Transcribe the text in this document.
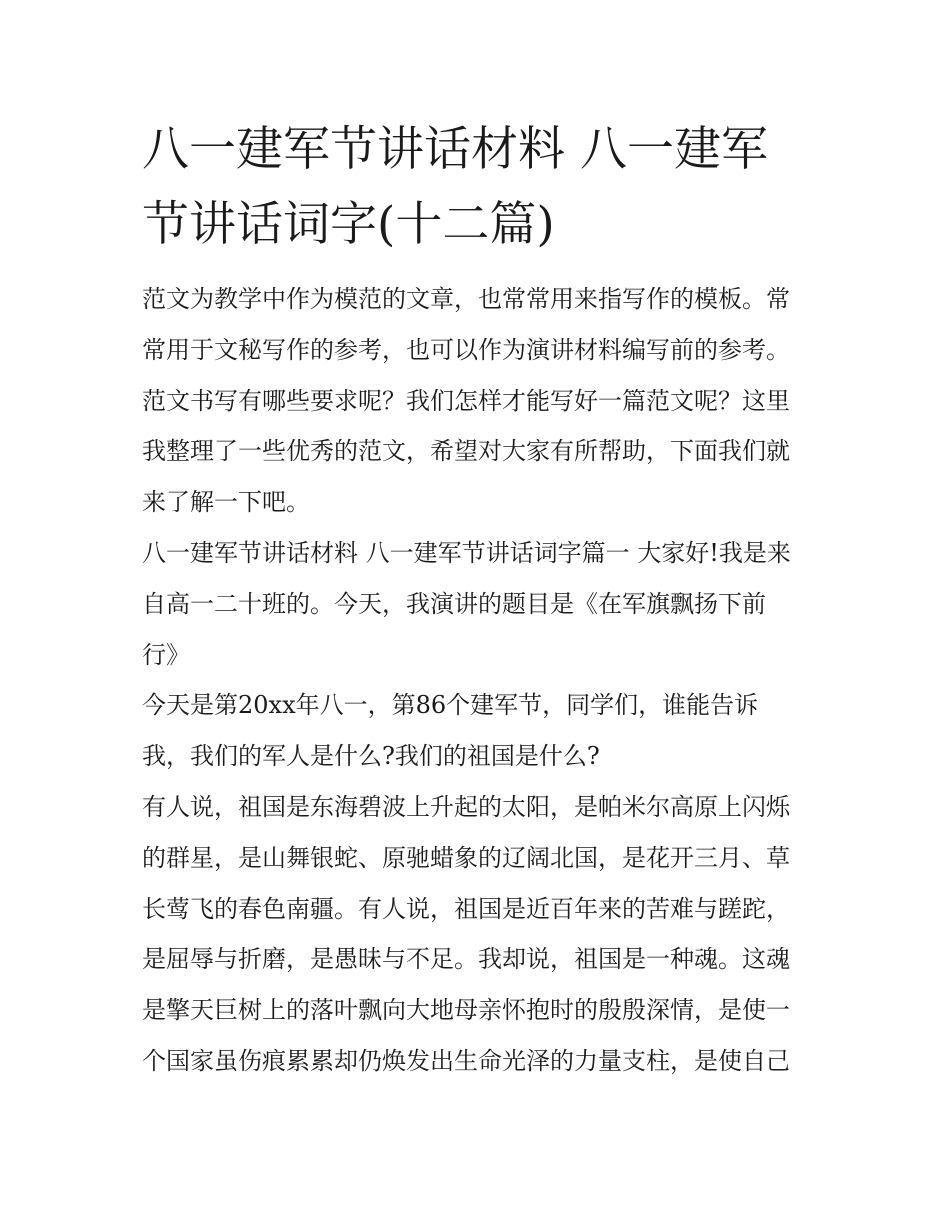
八一建军节讲话材料 八一建军
节讲话词字(十二篇)
范文为教学中作为模范的文章，也常常用来指写作的模板。常
常用于文秘写作的参考，也可以作为演讲材料编写前的参考。
范文书写有哪些要求呢？我们怎样才能写好一篇范文呢？这里
我整理了一些优秀的范文，希望对大家有所帮助，下面我们就
来了解一下吧。
八一建军节讲话材料 八一建军节讲话词字篇一 大家好!我是来
自高一二十班的。今天，我演讲的题目是《在军旗飘扬下前
行》
今天是第20xx年八一，第86个建军节，同学们，谁能告诉
我，我们的军人是什么?我们的祖国是什么?
有人说，祖国是东海碧波上升起的太阳，是帕米尔高原上闪烁
的群星，是山舞银蛇、原驰蜡象的辽阔北国，是花开三月、草
长莺飞的春色南疆。有人说，祖国是近百年来的苦难与蹉跎，
是屈辱与折磨，是愚昧与不足。我却说，祖国是一种魂。这魂
是擎天巨树上的落叶飘向大地母亲怀抱时的殷殷深情，是使一
个国家虽伤痕累累却仍焕发出生命光泽的力量支柱，是使自己
